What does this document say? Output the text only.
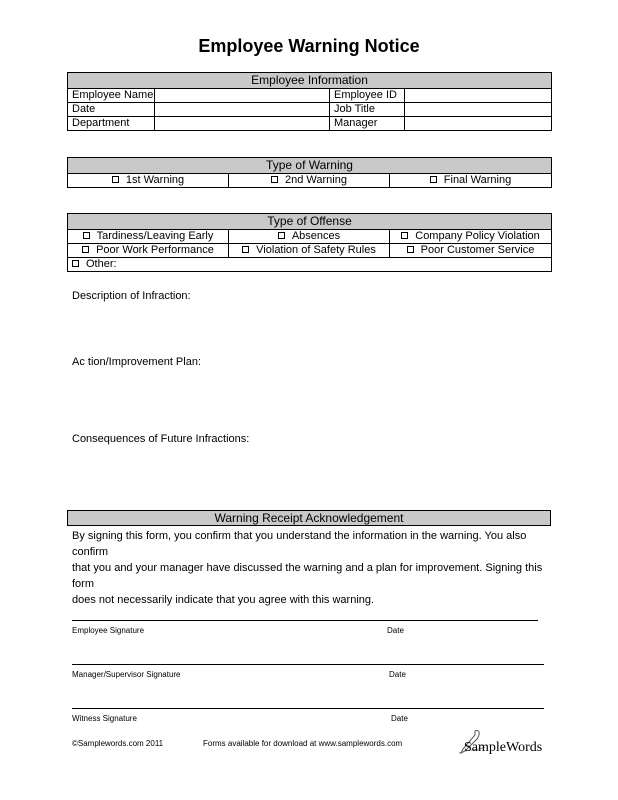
Employee Warning Notice
Employee Information			
Employee Name		Employee ID	
Date		Job Title	
Department		Manager	
Type of Warning
1st Warning	2nd Warning	Final Warning
Type of Offense		
Tardiness/Leaving Early	Absences	Company Policy Violation
Poor Work Performance	Violation of Safety Rules	Poor Customer Service
Other:		
Description of Infraction:
Ac tion/Improvement Plan:
Consequences of Future Infractions:
Warning Receipt Acknowledgement
By signing this form, you confirm that you understand the information in the warning. You also confirm
that you and your manager have discussed the warning and a plan for improvement. Signing this form
does not necessarily indicate that you agree with this warning.
Employee Signature	Date
Manager/Supervisor Signature	Date
Witness Signature	Date
©Samplewords.com 2011	Forms available for download at www.samplewords.com	SampleWords
